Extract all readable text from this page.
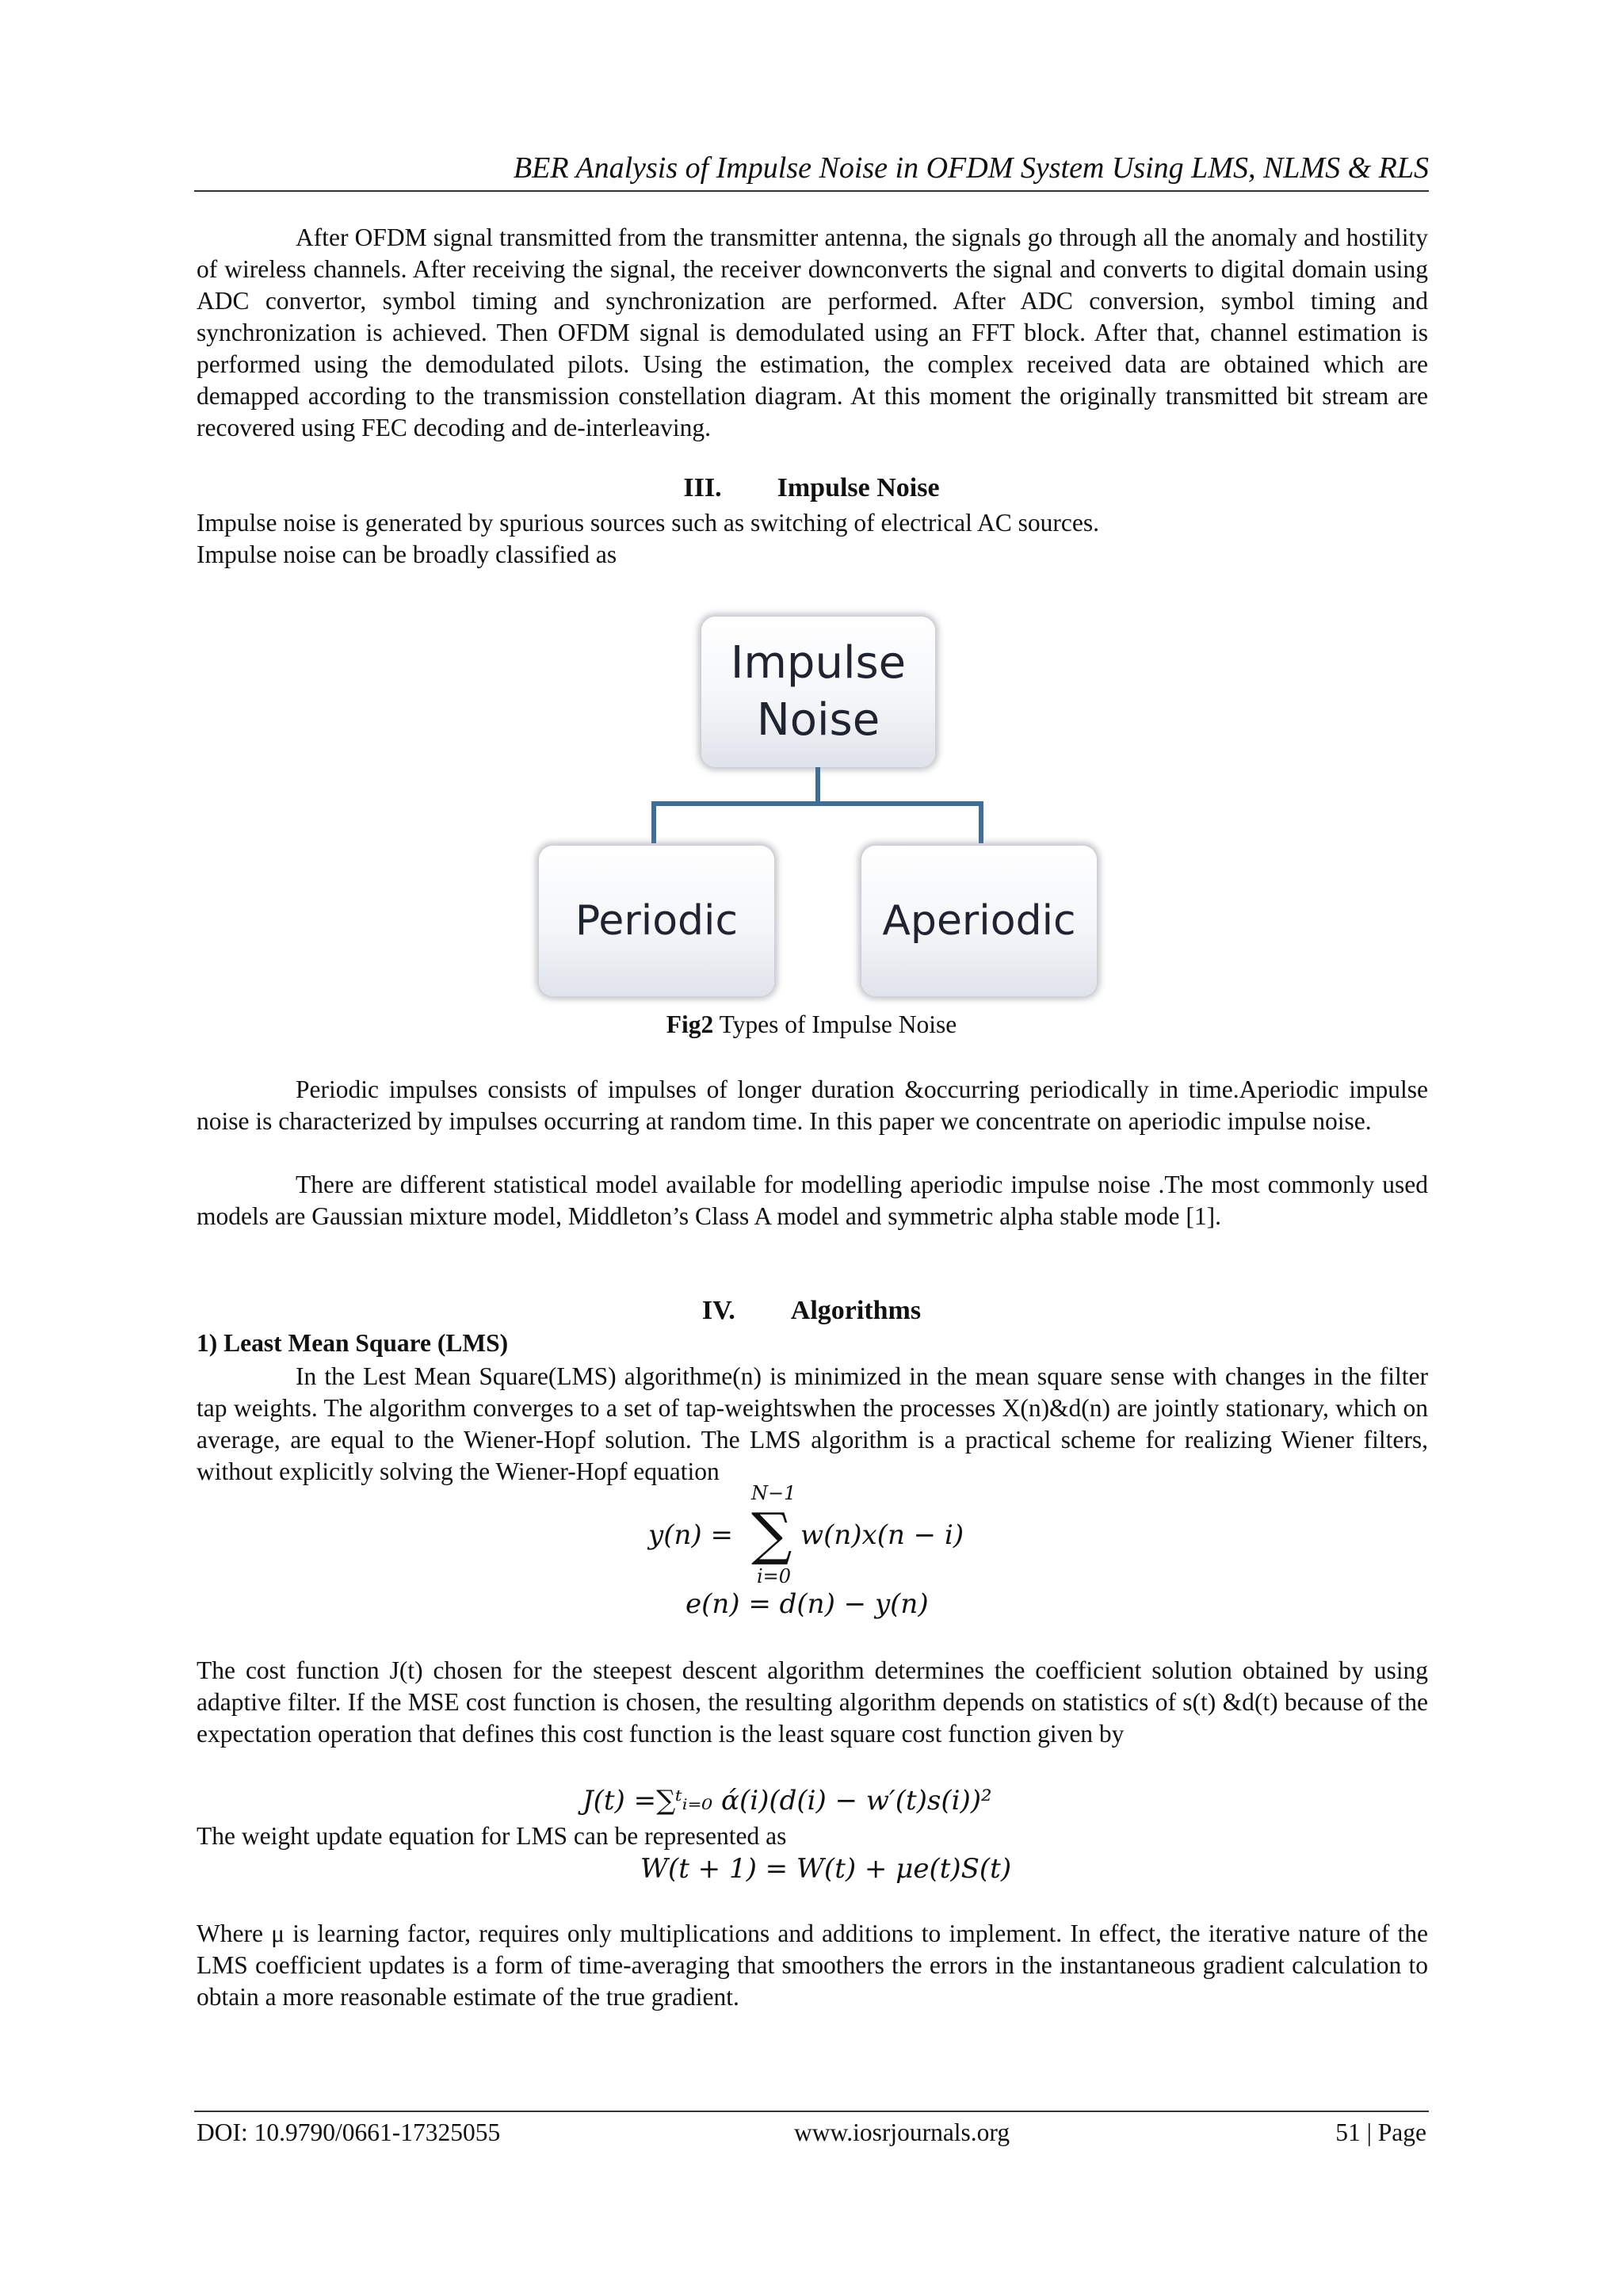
BER Analysis of Impulse Noise in OFDM System Using LMS, NLMS & RLS

After OFDM signal transmitted from the transmitter antenna, the signals go through all the anomaly and hostility of wireless channels. After receiving the signal, the receiver downconverts the signal and converts to digital domain using ADC convertor, symbol timing and synchronization are performed. After ADC conversion, symbol timing and synchronization is achieved. Then OFDM signal is demodulated using an FFT block. After that, channel estimation is performed using the demodulated pilots. Using the estimation, the complex received data are obtained which are demapped according to the transmission constellation diagram. At this moment the originally transmitted bit stream are recovered using FEC decoding and de-interleaving.

III. Impulse Noise

Impulse noise is generated by spurious sources such as switching of electrical AC sources.

Impulse noise can be broadly classified as

Impulse
Noise
Periodic	Aperiodic
Fig2 Types of Impulse Noise

Periodic impulses consists of impulses of longer duration &occurring periodically in time.Aperiodic impulse noise is characterized by impulses occurring at random time. In this paper we concentrate on aperiodic impulse noise.

There are different statistical model available for modelling aperiodic impulse noise .The most commonly used models are Gaussian mixture model, Middleton’s Class A model and symmetric alpha stable mode [1].

IV. Algorithms
1) Least Mean Square (LMS)

In the Lest Mean Square(LMS) algorithme(n) is minimized in the mean square sense with changes in the filter tap weights. The algorithm converges to a set of tap-weightswhen the processes X(n)&d(n) are jointly stationary, which on average, are equal to the Wiener-Hopf solution. The LMS algorithm is a practical scheme for realizing Wiener filters, without explicitly solving the Wiener-Hopf equation

N−1
y(n) = ∑ w(n)x(n − i)
i=0
e(n) = d(n) − y(n)

The cost function J(t) chosen for the steepest descent algorithm determines the coefficient solution obtained by using adaptive filter. If the MSE cost function is chosen, the resulting algorithm depends on statistics of s(t) &d(t) because of the expectation operation that defines this cost function is the least square cost function given by

J(t) =∑ᵗᵢ₌₀ ά(i)(d(i) − w′(t)s(i))²

The weight update equation for LMS can be represented as

W(t + 1) = W(t) + μe(t)S(t)

Where μ is learning factor, requires only multiplications and additions to implement. In effect, the iterative nature of the LMS coefficient updates is a form of time-averaging that smoothers the errors in the instantaneous gradient calculation to obtain a more reasonable estimate of the true gradient.

DOI: 10.9790/0661-17325055	www.iosrjournals.org	51 | Page
